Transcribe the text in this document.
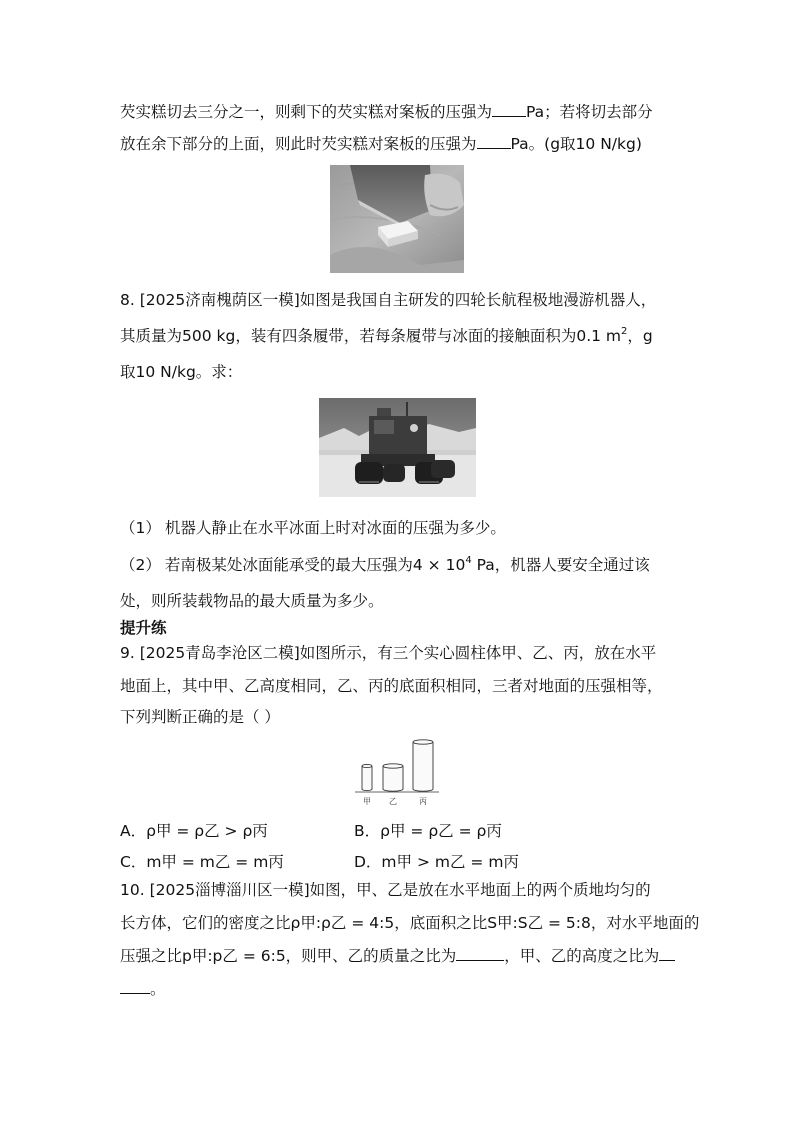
芡实糕切去三分之一，则剩下的芡实糕对案板的压强为 Pa；若将切去部分
放在余下部分的上面，则此时芡实糕对案板的压强为 Pa。(g取10 N/kg)
8. [2025济南槐荫区一模]如图是我国自主研发的四轮长航程极地漫游机器人，
其质量为500 kg，装有四条履带，若每条履带与冰面的接触面积为0.1 $m^2$，g
取10 N/kg。求：
（1） 机器人静止在水平冰面上时对冰面的压强为多少。
（2） 若南极某处冰面能承受的最大压强为$4 \times 10^4$ Pa，机器人要安全通过该
处，则所装载物品的最大质量为多少。
提升练
9. [2025青岛李沧区二模]如图所示，有三个实心圆柱体甲、乙、丙，放在水平
地面上，其中甲、乙高度相同，乙、丙的底面积相同，三者对地面的压强相等，
下列判断正确的是（ ）
甲 乙	丙
A．ρ甲 = ρ乙 > ρ丙	B．ρ甲 = ρ乙 = ρ丙
C．m甲 = m乙 = m丙	D．m甲 > m乙 = m丙
10. [2025淄博淄川区一模]如图，甲、乙是放在水平地面上的两个质地均匀的
长方体，它们的密度之比ρ甲:ρ乙 = 4:5，底面积之比S甲:S乙 = 5:8，对水平地面的
压强之比p甲:p乙 = 6:5，则甲、乙的质量之比为	，甲、乙的高度之比为
。
